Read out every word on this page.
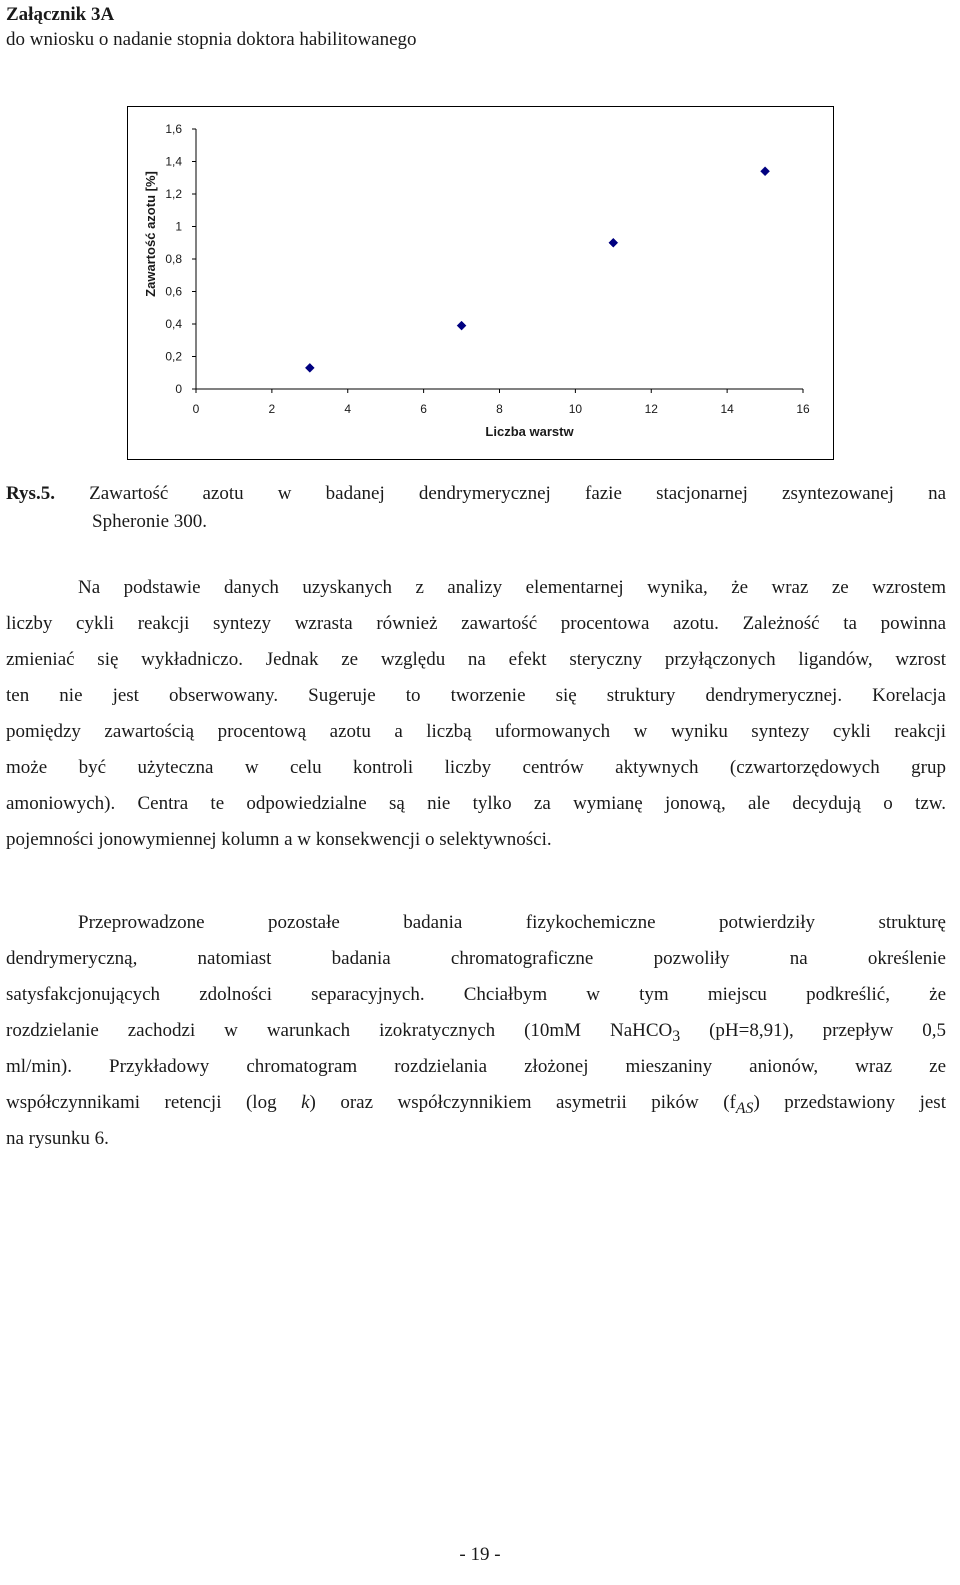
Załącznik 3A
do wniosku o nadanie stopnia doktora habilitowanego
0
0,2
0,4
0,6
0,8
1
1,2
1,4
1,6
0	2	4	6	8	10	12	14	16
Liczba warstw
Zawartość azotu [%]
Rys.5. Zawartość azotu w badanej dendrymerycznej fazie stacjonarnej zsyntezowanej na
Spheronie 300.
Na podstawie danych uzyskanych z analizy elementarnej wynika, że wraz ze wzrostem
liczby cykli reakcji syntezy wzrasta również zawartość procentowa azotu. Zależność ta powinna
zmieniać się wykładniczo. Jednak ze względu na efekt steryczny przyłączonych ligandów, wzrost
ten nie jest obserwowany. Sugeruje to tworzenie się struktury dendrymerycznej. Korelacja
pomiędzy zawartością procentową azotu a liczbą uformowanych w wyniku syntezy cykli reakcji
może być użyteczna w celu kontroli liczby centrów aktywnych (czwartorzędowych grup
amoniowych). Centra te odpowiedzialne są nie tylko za wymianę jonową, ale decydują o tzw.
pojemności jonowymiennej kolumn a w konsekwencji o selektywności.
Przeprowadzone pozostałe badania fizykochemiczne potwierdziły strukturę
dendrymeryczną, natomiast badania chromatograficzne pozwoliły na określenie
satysfakcjonujących zdolności separacyjnych. Chciałbym w tym miejscu podkreślić, że
rozdzielanie zachodzi w warunkach izokratycznych (10mM NaHCO$_3$ (pH=8,91), przepływ 0,5
ml/min). Przykładowy chromatogram rozdzielania złożonej mieszaniny anionów, wraz ze
współczynnikami retencji (log k) oraz współczynnikiem asymetrii pików $(f_{AS})$ przedstawiony jest
na rysunku 6.
- 19 -
